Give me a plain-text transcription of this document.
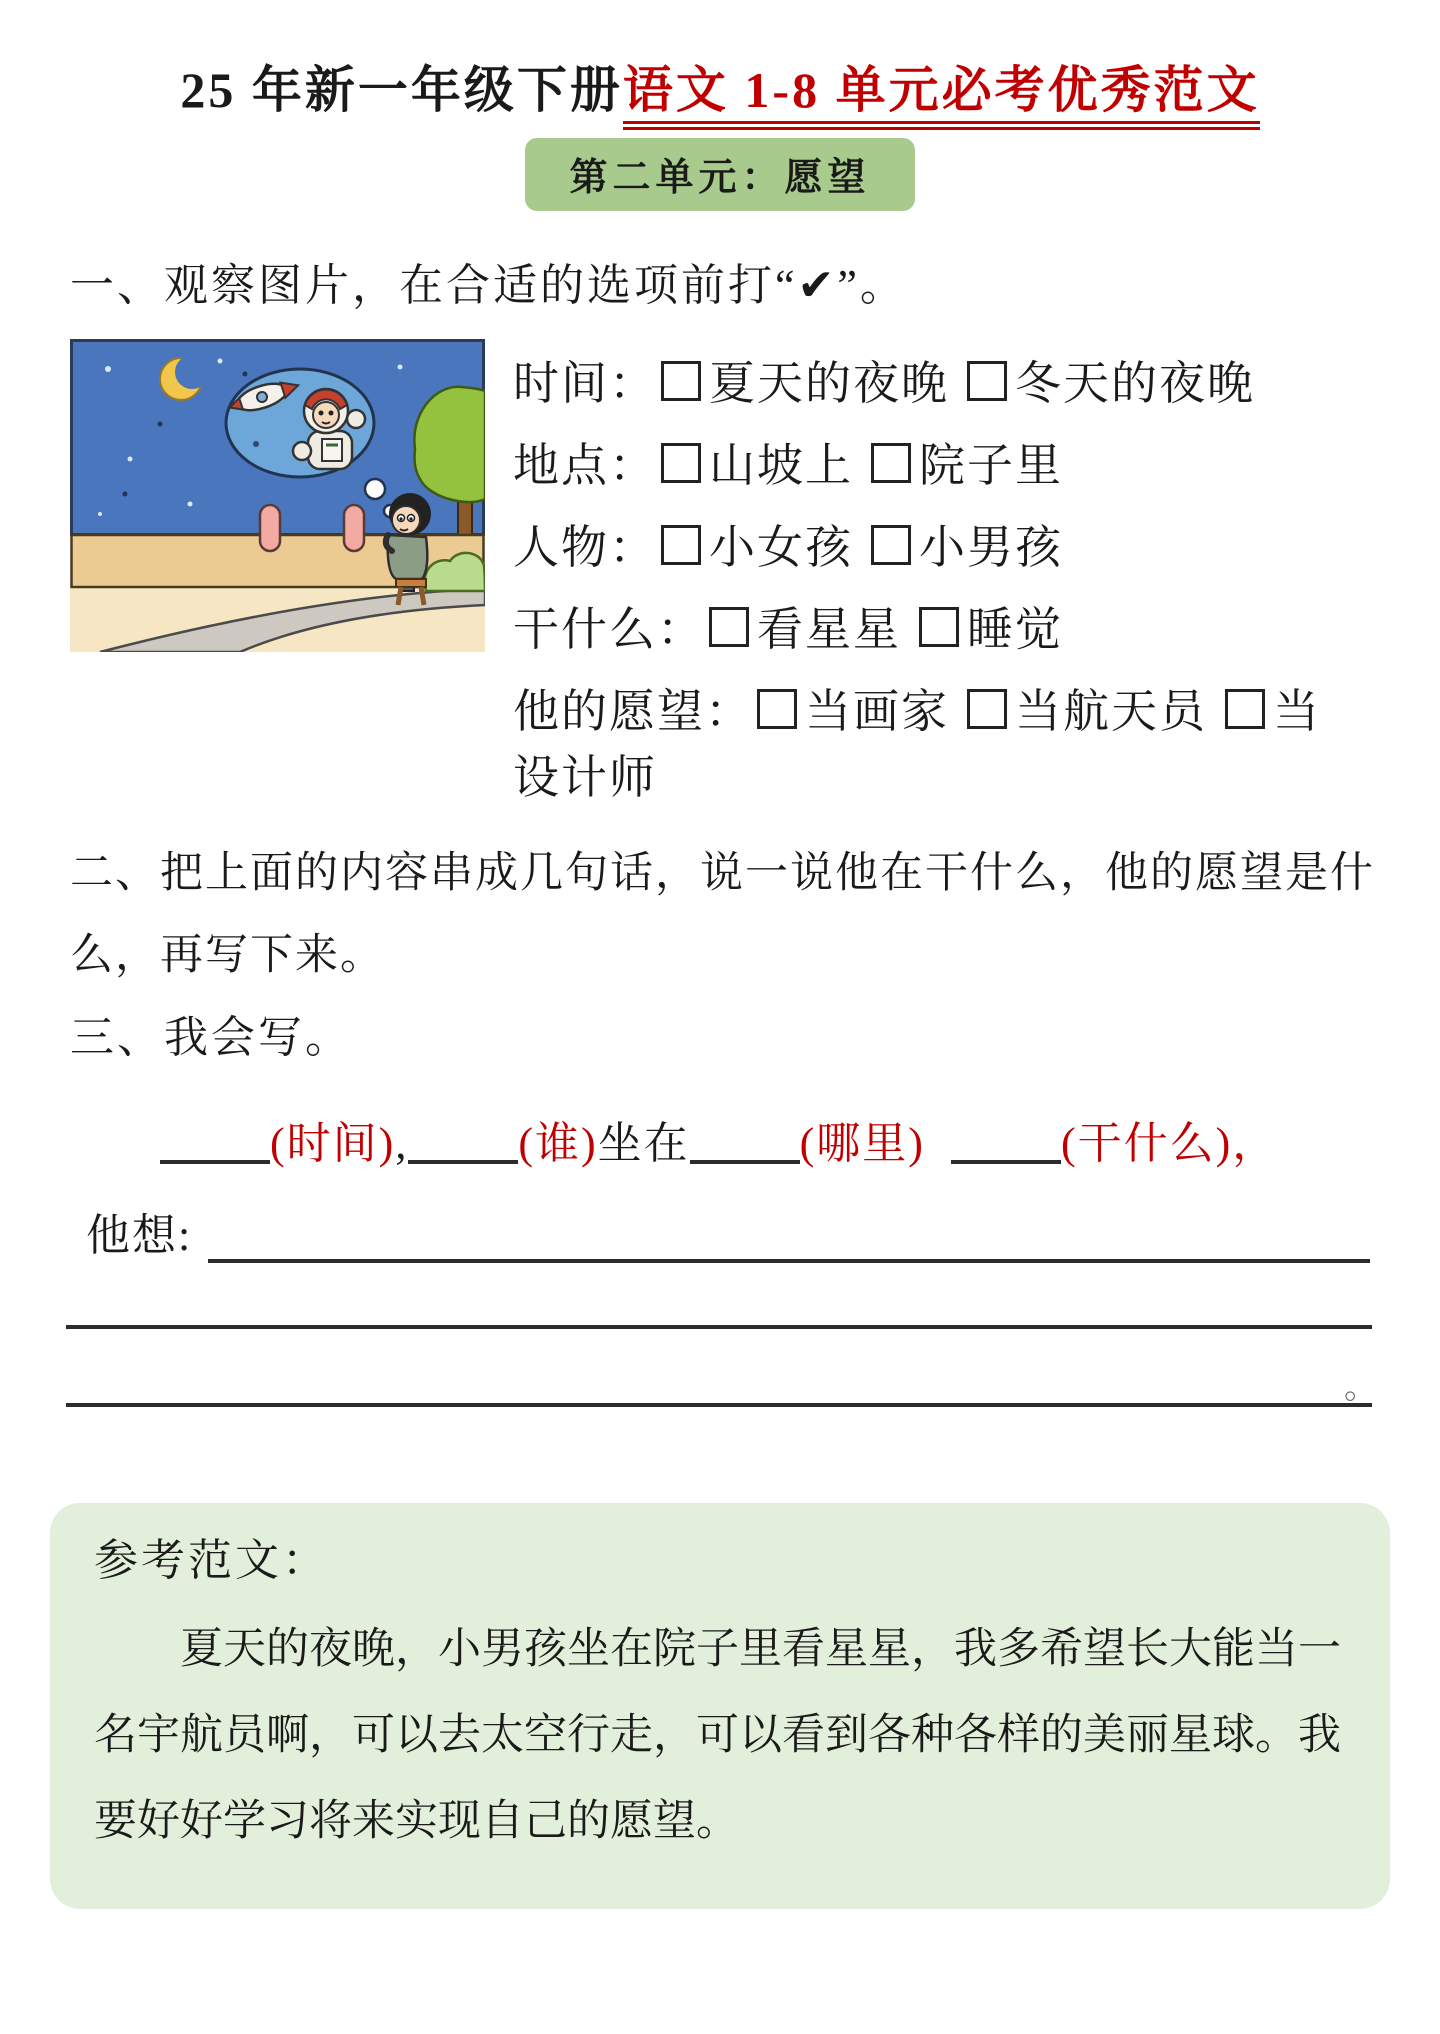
25 年新一年级下册语文 1-8 单元必考优秀范文
第二单元：愿望
一、观察图片，在合适的选项前打“✔”。
时间： 夏天的夜晚 冬天的夜晚
地点： 山坡上 院子里
人物： 小女孩 小男孩
干什么： 看星星 睡觉
他的愿望： 当画家 当航天员 当设计师
二、把上面的内容串成几句话，说一说他在干什么，他的愿望是什么，再写下来。
三、我会写。
(时间),	(谁)坐在	(哪里)	(干什么)，
他想:
。
参考范文：

夏天的夜晚，小男孩坐在院子里看星星，我多希望长大能当一名宇航员啊，可以去太空行走，可以看到各种各样的美丽星球。我要好好学习将来实现自己的愿望。
